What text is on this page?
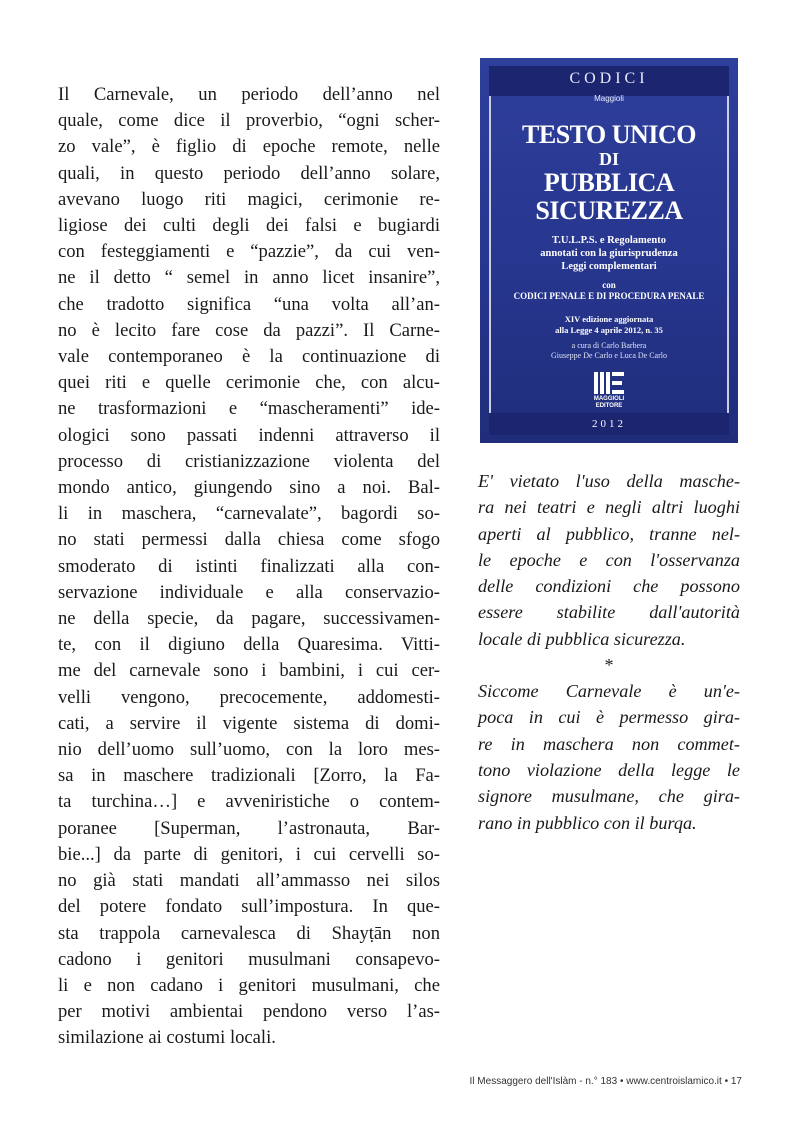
Il Carnevale, un periodo dell’anno nel
quale, come dice il proverbio, “ogni scher-
zo vale”, è figlio di epoche remote, nelle
quali, in questo periodo dell’anno solare,
avevano luogo riti magici, cerimonie re-
ligiose dei culti degli dei falsi e bugiardi
con festeggiamenti e “pazzie”, da cui ven-
ne il detto “ semel in anno licet insanire”,
che tradotto significa “una volta all’an-
no è lecito fare cose da pazzi”. Il Carne-
vale contemporaneo è la continuazione di
quei riti e quelle cerimonie che, con alcu-
ne trasformazioni e “mascheramenti” ide-
ologici sono passati indenni attraverso il
processo di cristianizzazione violenta del
mondo antico, giungendo sino a noi. Bal-
li in maschera, “carnevalate”, bagordi so-
no stati permessi dalla chiesa come sfogo
smoderato di istinti finalizzati alla con-
servazione individuale e alla conservazio-
ne della specie, da pagare, successivamen-
te, con il digiuno della Quaresima. Vitti-
me del carnevale sono i bambini, i cui cer-
velli vengono, precocemente, addomesti-
cati, a servire il vigente sistema di domi-
nio dell’uomo sull’uomo, con la loro mes-
sa in maschere tradizionali [Zorro, la Fa-
ta turchina…] e avveniristiche o contem-
poranee [Superman, l’astronauta, Bar-
bie...] da parte di genitori, i cui cervelli so-
no già stati mandati all’ammasso nei silos
del potere fondato sull’impostura. In que-
sta trappola carnevalesca di Shayṭān non
cadono i genitori musulmani consapevo-
li e non cadano i genitori musulmani, che
per motivi ambientai pendono verso l’as-
similazione ai costumi locali.
CODICI
Maggioli
TESTO UNICO
DI
PUBBLICA
SICUREZZA
T.U.L.P.S. e Regolamento
annotati con la giurisprudenza
Leggi complementari
con
CODICI PENALE E DI PROCEDURA PENALE
XIV edizione aggiornata
alla Legge 4 aprile 2012, n. 35
a cura di Carlo Barbera
Giuseppe De Carlo e Luca De Carlo
MAGGIOLI
EDITORE
2012
E' vietato l'uso della masche-
ra nei teatri e negli altri luoghi
aperti al pubblico, tranne nel-
le epoche e con l'osservanza
delle condizioni che possono
essere stabilite dall'autorità
locale di pubblica sicurezza.
*
Siccome Carnevale è un'e-
poca in cui è permesso gira-
re in maschera non commet-
tono violazione della legge le
signore musulmane, che gira-
rano in pubblico con il burqa.
Il Messaggero dell'Islàm - n.° 183 • www.centroislamico.it • 17
